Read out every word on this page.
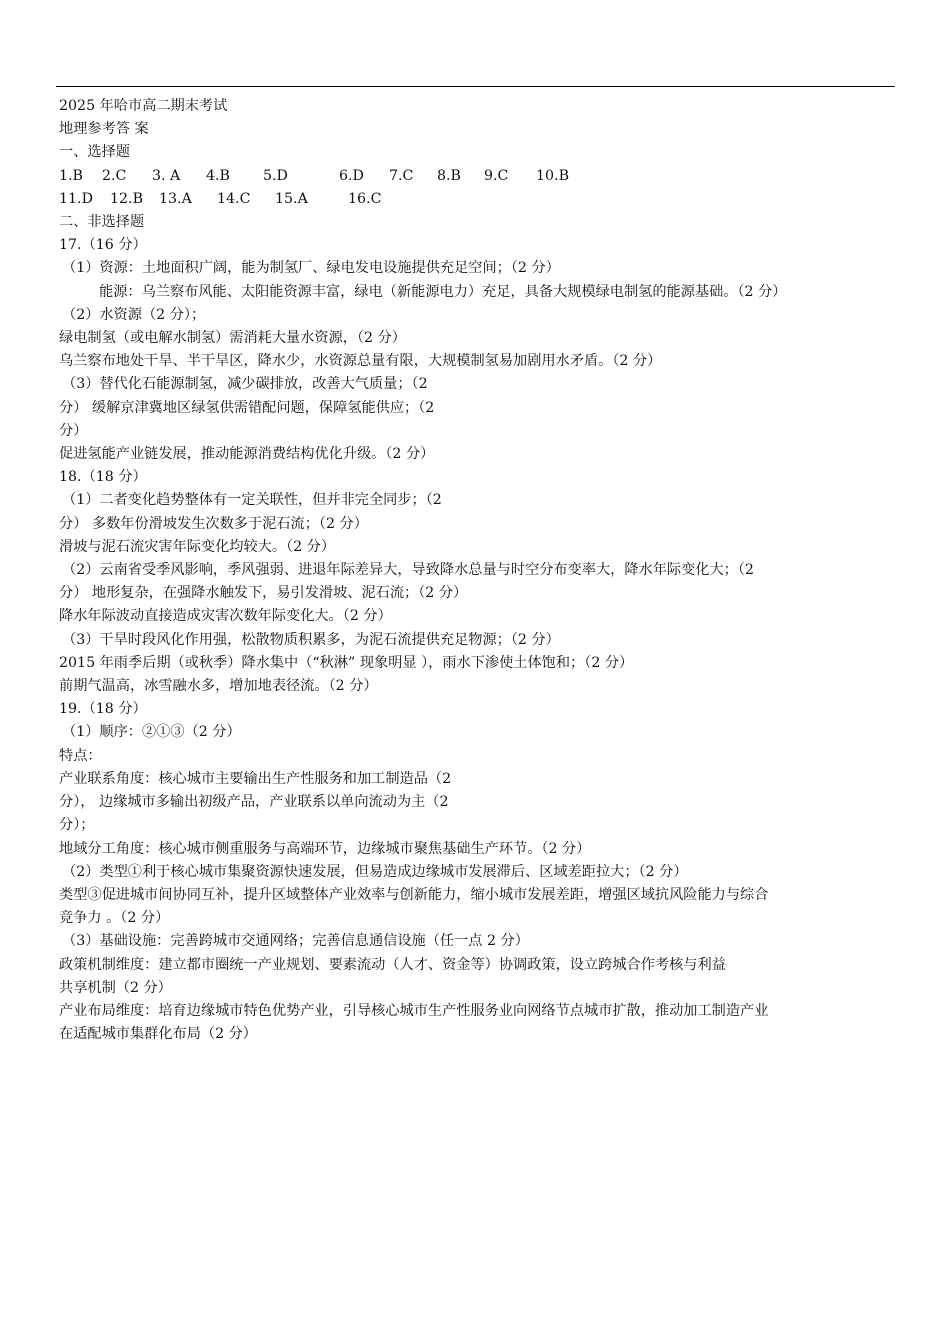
2025 年哈市高二期末考试
地理参考答 案
一、选择题
1.B	2.C	3. A	4.B	5.D	6.D	7.C	8.B	9.C	10.B
11.D	12.B	13.A	14.C	15.A	16.C
二、非选择题
17.（16 分）
（1）资源：土地面积广阔，能为制氢厂、绿电发电设施提供充足空间；（2 分）
能源：乌兰察布风能、太阳能资源丰富，绿电（新能源电力）充足，具备大规模绿电制氢的能源基础。（2 分）
（2）水资源（2 分）；
绿电制氢（或电解水制氢）需消耗大量水资源，（2 分）
乌兰察布地处干旱、半干旱区，降水少，水资源总量有限，大规模制氢易加剧用水矛盾。（2 分）
（3）替代化石能源制氢，减少碳排放，改善大气质量；（2
分） 缓解京津冀地区绿氢供需错配问题，保障氢能供应；（2
分）
促进氢能产业链发展，推动能源消费结构优化升级。（2 分）
18.（18 分）
（1）二者变化趋势整体有一定关联性，但并非完全同步；（2
分） 多数年份滑坡发生次数多于泥石流；（2 分）
滑坡与泥石流灾害年际变化均较大。（2 分）
（2）云南省受季风影响，季风强弱、进退年际差异大，导致降水总量与时空分布变率大，降水年际变化大；（2
分） 地形复杂，在强降水触发下，易引发滑坡、泥石流；（2 分）
降水年际波动直接造成灾害次数年际变化大。（2 分）
（3）干旱时段风化作用强，松散物质积累多，为泥石流提供充足物源；（2 分）
2015 年雨季后期（或秋季）降水集中（“秋淋” 现象明显 ），雨水下渗使土体饱和；（2 分）
前期气温高，冰雪融水多，增加地表径流。（2 分）
19.（18 分）
（1）顺序：②①③（2 分）
特点：
产业联系角度：核心城市主要输出生产性服务和加工制造品（2
分）， 边缘城市多输出初级产品，产业联系以单向流动为主（2
分）；
地域分工角度：核心城市侧重服务与高端环节，边缘城市聚焦基础生产环节。（2 分）
（2）类型①利于核心城市集聚资源快速发展，但易造成边缘城市发展滞后、区域差距拉大；（2 分）
类型③促进城市间协同互补，提升区域整体产业效率与创新能力，缩小城市发展差距，增强区域抗风险能力与综合
竞争力 。（2 分）
（3）基础设施：完善跨城市交通网络；完善信息通信设施（任一点 2 分）
政策机制维度：建立都市圈统一产业规划、要素流动（人才、资金等）协调政策，设立跨城合作考核与利益
共享机制（2 分）
产业布局维度：培育边缘城市特色优势产业，引导核心城市生产性服务业向网络节点城市扩散，推动加工制造产业
在适配城市集群化布局（2 分）
